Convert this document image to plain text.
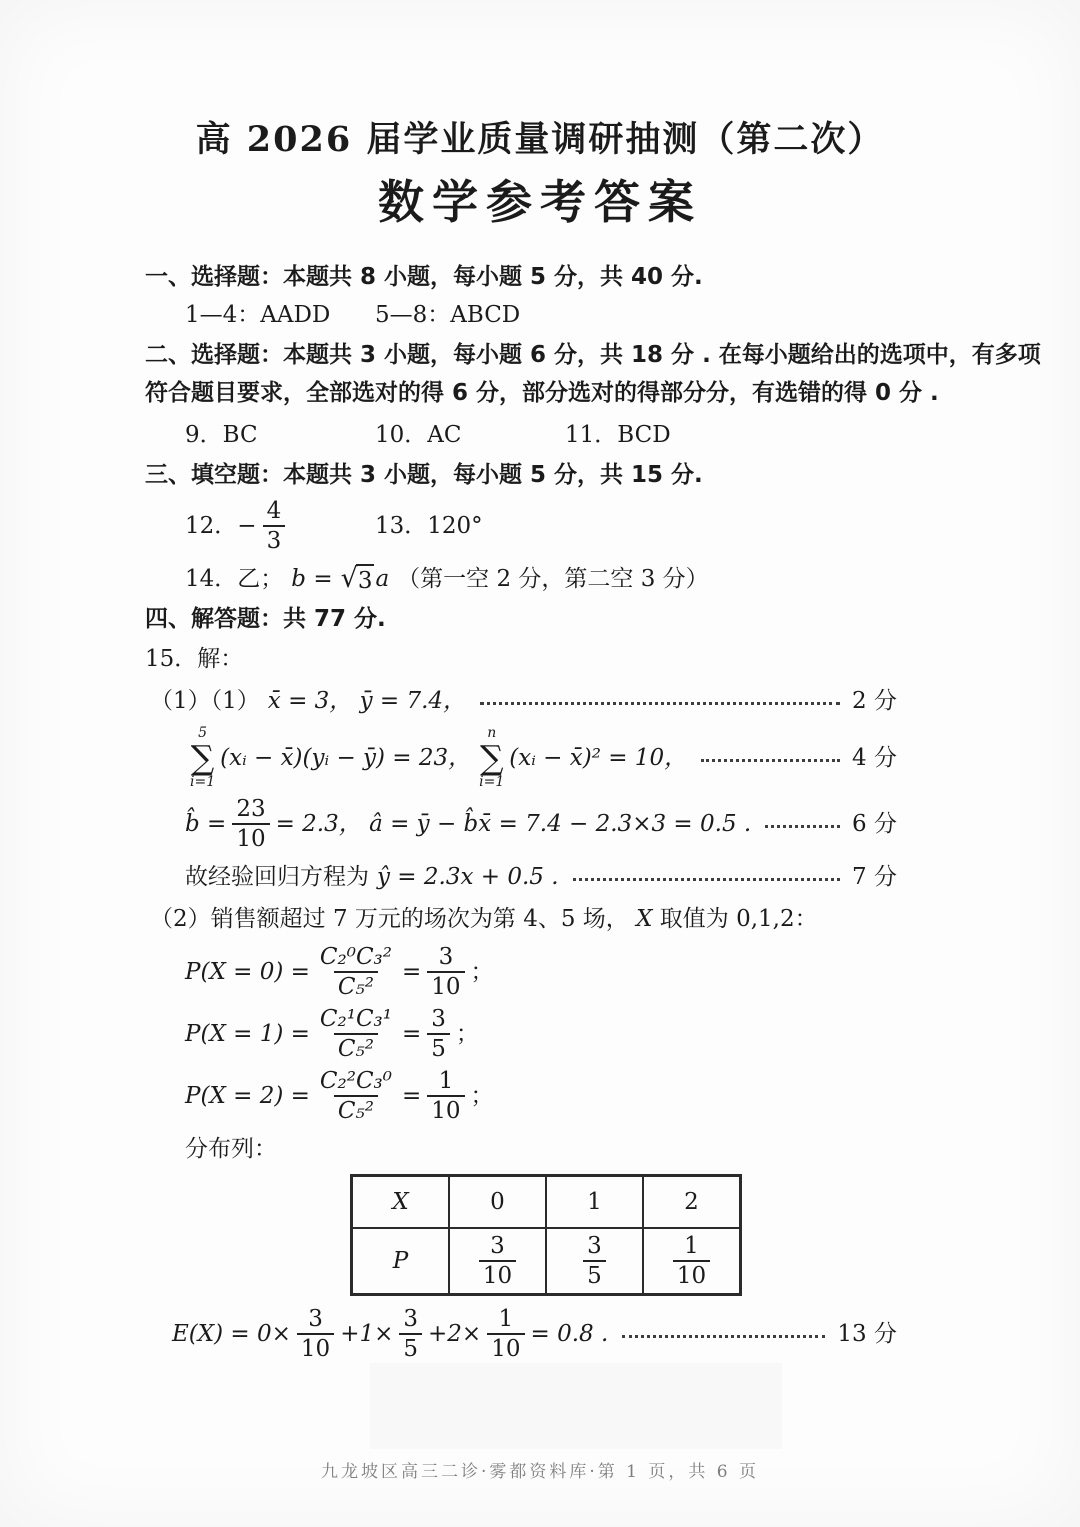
高 2026 届学业质量调研抽测（第二次）
数学参考答案
一、选择题：本题共 8 小题，每小题 5 分，共 40 分.
1—4：AADD	5—8：ABCD
二、选择题：本题共 3 小题，每小题 6 分，共 18 分 . 在每小题给出的选项中，有多项
符合题目要求，全部选对的得 6 分，部分选对的得部分分，有选错的得 0 分 .
9．BC	10．AC	11．BCD
三、填空题：本题共 3 小题，每小题 5 分，共 15 分.
12． − $\frac{4}{3}$	13．120°
14．乙； b = √ 3 a （第一空 2 分，第二空 3 分）
四、解答题：共 77 分.
15．解：
（1）（1） x̄ = 3， ȳ = 7.4，	2 分
5
∑
i=1
(xᵢ − x̄)(yᵢ − ȳ) = 23，
n
∑
i=1
(xᵢ − x̄)² = 10，	4 分
b̂ = $\frac{23}{10} = 2.3$， â = ȳ − b̂x̄ = 7.4 − 2.3×3 = 0.5 .	6 分
故经验回归方程为 ŷ = 2.3x + 0.5 .	7 分
（2）销售额超过 7 万元的场次为第 4、5 场， X 取值为 0,1,2：
$P(X = 0) = \frac{\text{C₂⁰C₃²}}{\text{C₅²}} = \frac{3}{10}$ ；
$P(X = 1) = \frac{\text{C₂¹C₃¹}}{\text{C₅²}} = \frac{3}{5}$ ；
$P(X = 2) = \frac{\text{C₂²C₃⁰}}{\text{C₅²}} = \frac{1}{10}$ ；
分布列：
X	0	1	2
P	$\frac{3}{10}$	$\frac{3}{5}$	$\frac{1}{10}$
$E(X) = 0\times \frac{3}{10} +1\times \frac{3}{5} +2\times \frac{1}{10} = 0.8$ .	13 分
九龙坡区高三二诊·雾都资料库·第 1 页，共 6 页
